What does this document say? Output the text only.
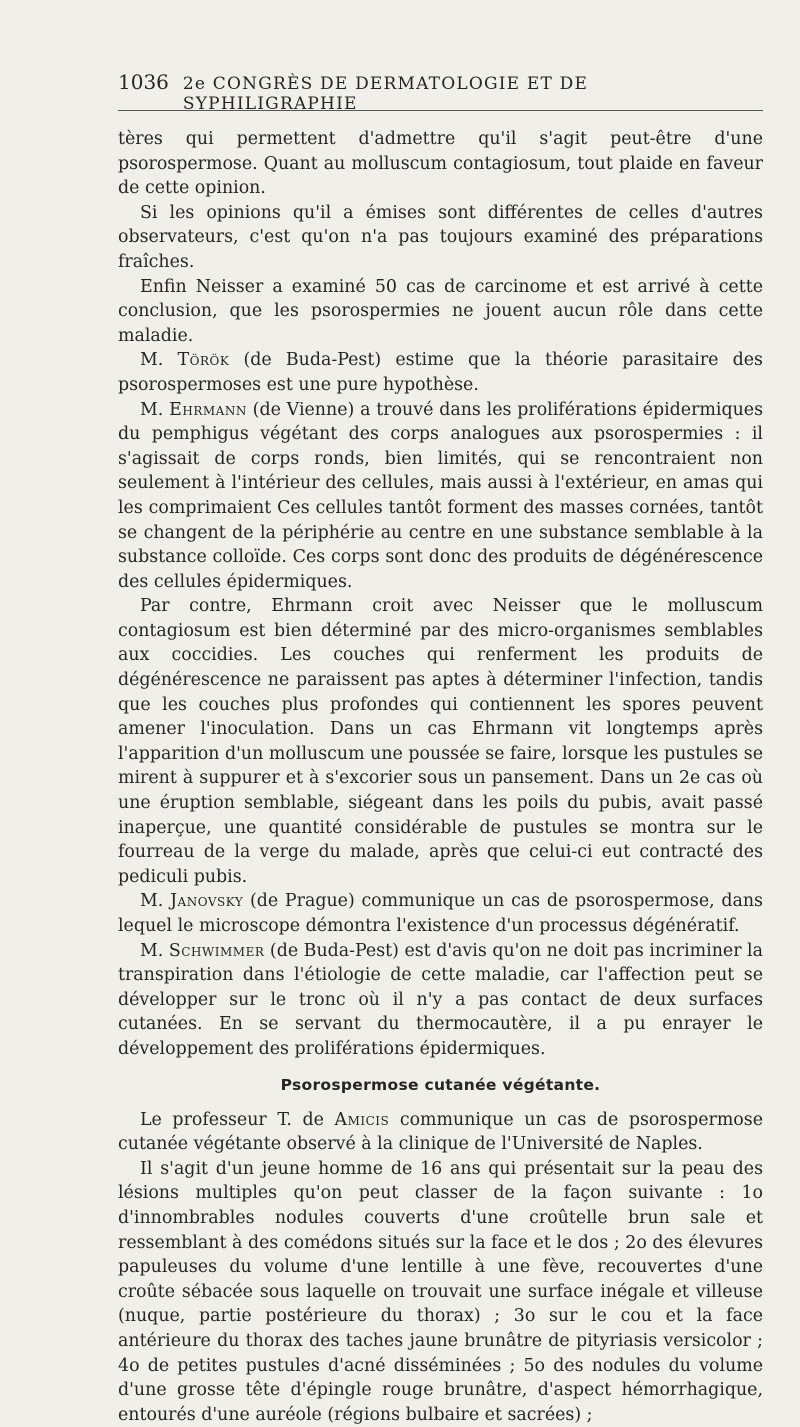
1036 2e CONGRÈS DE DERMATOLOGIE ET DE SYPHILIGRAPHIE

tères qui permettent d'admettre qu'il s'agit peut-être d'une psorospermose. Quant au molluscum contagiosum, tout plaide en faveur de cette opinion.

Si les opinions qu'il a émises sont différentes de celles d'autres observateurs, c'est qu'on n'a pas toujours examiné des préparations fraîches.

Enfin Neisser a examiné 50 cas de carcinome et est arrivé à cette conclusion, que les psorospermies ne jouent aucun rôle dans cette maladie.

M. Török (de Buda-Pest) estime que la théorie parasitaire des psorospermoses est une pure hypothèse.

M. Ehrmann (de Vienne) a trouvé dans les proliférations épidermiques du pemphigus végétant des corps analogues aux psorospermies : il s'agissait de corps ronds, bien limités, qui se rencontraient non seulement à l'intérieur des cellules, mais aussi à l'extérieur, en amas qui les comprimaient Ces cellules tantôt forment des masses cornées, tantôt se changent de la périphérie au centre en une substance semblable à la substance colloïde. Ces corps sont donc des produits de dégénérescence des cellules épidermiques.

Par contre, Ehrmann croit avec Neisser que le molluscum contagiosum est bien déterminé par des micro-organismes semblables aux coccidies. Les couches qui renferment les produits de dégénérescence ne paraissent pas aptes à déterminer l'infection, tandis que les couches plus profondes qui contiennent les spores peuvent amener l'inoculation. Dans un cas Ehrmann vit longtemps après l'apparition d'un molluscum une poussée se faire, lorsque les pustules se mirent à suppurer et à s'excorier sous un pansement. Dans un 2e cas où une éruption semblable, siégeant dans les poils du pubis, avait passé inaperçue, une quantité considérable de pustules se montra sur le fourreau de la verge du malade, après que celui-ci eut contracté des pediculi pubis.

M. Janovsky (de Prague) communique un cas de psorospermose, dans lequel le microscope démontra l'existence d'un processus dégénératif.

M. Schwimmer (de Buda-Pest) est d'avis qu'on ne doit pas incriminer la transpiration dans l'étiologie de cette maladie, car l'affection peut se développer sur le tronc où il n'y a pas contact de deux surfaces cutanées. En se servant du thermocautère, il a pu enrayer le développement des proliférations épidermiques.

Psorospermose cutanée végétante.

Le professeur T. de Amicis communique un cas de psorospermose cutanée végétante observé à la clinique de l'Université de Naples.

Il s'agit d'un jeune homme de 16 ans qui présentait sur la peau des lésions multiples qu'on peut classer de la façon suivante : 1o d'innombrables nodules couverts d'une croûtelle brun sale et ressemblant à des comédons situés sur la face et le dos ; 2o des élevures papuleuses du volume d'une lentille à une fève, recouvertes d'une croûte sébacée sous laquelle on trouvait une surface inégale et villeuse (nuque, partie postérieure du thorax) ; 3o sur le cou et la face antérieure du thorax des taches jaune brunâtre de pityriasis versicolor ; 4o de petites pustules d'acné disséminées ; 5o des nodules du volume d'une grosse tête d'épingle rouge brunâtre, d'aspect hémorrhagique, entourés d'une auréole (régions bulbaire et sacrées) ;
